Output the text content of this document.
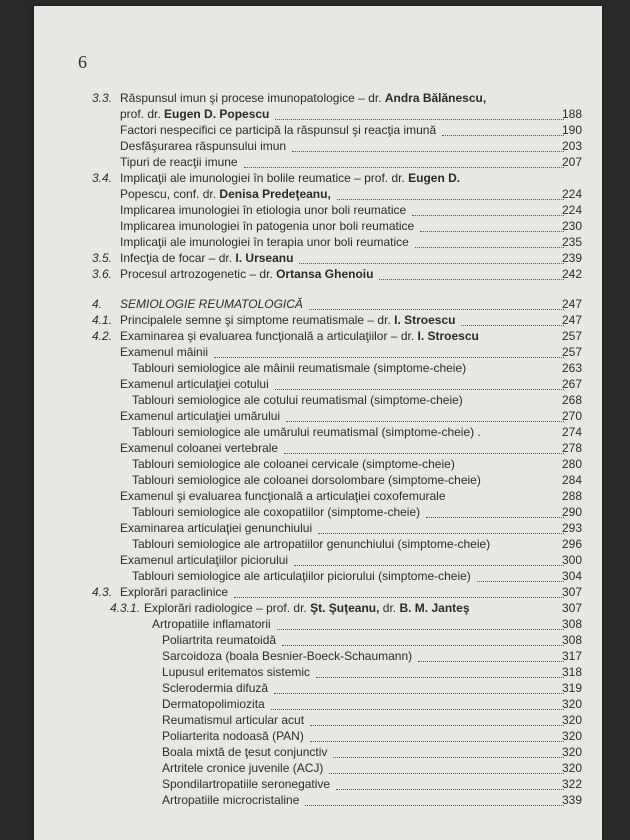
6
3.3. Răspunsul imun şi procese imunopatologice – dr. Andra Bălănescu,
prof. dr. Eugen D. Popescu	188
Factori nespecifici ce participă la răspunsul şi reacţia imună	190
Desfăşurarea răspunsului imun	203
Tipuri de reacţii imune	207
3.4. Implicaţii ale imunologiei în bolile reumatice – prof. dr. Eugen D.
Popescu, conf. dr. Denisa Predeţeanu,	224
Implicarea imunologiei în etiologia unor boli reumatice	224
Implicarea imunologiei în patogenia unor boli reumatice	230
Implicaţii ale imunologiei în terapia unor boli reumatice	235
3.5. Infecţia de focar – dr. I. Urseanu	239
3.6. Procesul artrozogenetic – dr. Ortansa Ghenoiu	242
4. SEMIOLOGIE REUMATOLOGICĂ	247
4.1. Principalele semne şi simptome reumatismale – dr. I. Stroescu	247
4.2. Examinarea şi evaluarea funcţională a articulaţiilor – dr. I. Stroescu	257
Examenul mâinii	257
Tablouri semiologice ale mâinii reumatismale (simptome-cheie)	263
Examenul articulaţiei cotului	267
Tablouri semiologice ale cotului reumatismal (simptome-cheie)	268
Examenul articulaţiei umărului	270
Tablouri semiologice ale umărului reumatismal (simptome-cheie) .	274
Examenul coloanei vertebrale	278
Tablouri semiologice ale coloanei cervicale (simptome-cheie)	280
Tablouri semiologice ale coloanei dorsolombare (simptome-cheie)	284
Examenul şi evaluarea funcţională a articulaţiei coxofemurale	288
Tablouri semiologice ale coxopatiilor (simptome-cheie)	290
Examinarea articulaţiei genunchiului	293
Tablouri semiologice ale artropatiilor genunchiului (simptome-cheie)	296
Examenul articulaţiilor piciorului	300
Tablouri semiologice ale articulaţiilor piciorului (simptome-cheie)	304
4.3. Explorări paraclinice	307
4.3.1. Explorări radiologice – prof. dr. Şt. Şuţeanu, dr. B. M. Janteş	307
Artropatiile inflamatorii	308
Poliartrita reumatoidă	308
Sarcoidoza (boala Besnier-Boeck-Schaumann)	317
Lupusul eritematos sistemic	318
Sclerodermia difuză	319
Dermatopolimiozita	320
Reumatismul articular acut	320
Poliarterita nodoasă (PAN)	320
Boala mixtă de ţesut conjunctiv	320
Artritele cronice juvenile (ACJ)	320
Spondilartropatiile seronegative	322
Artropatiile microcristaline	339
